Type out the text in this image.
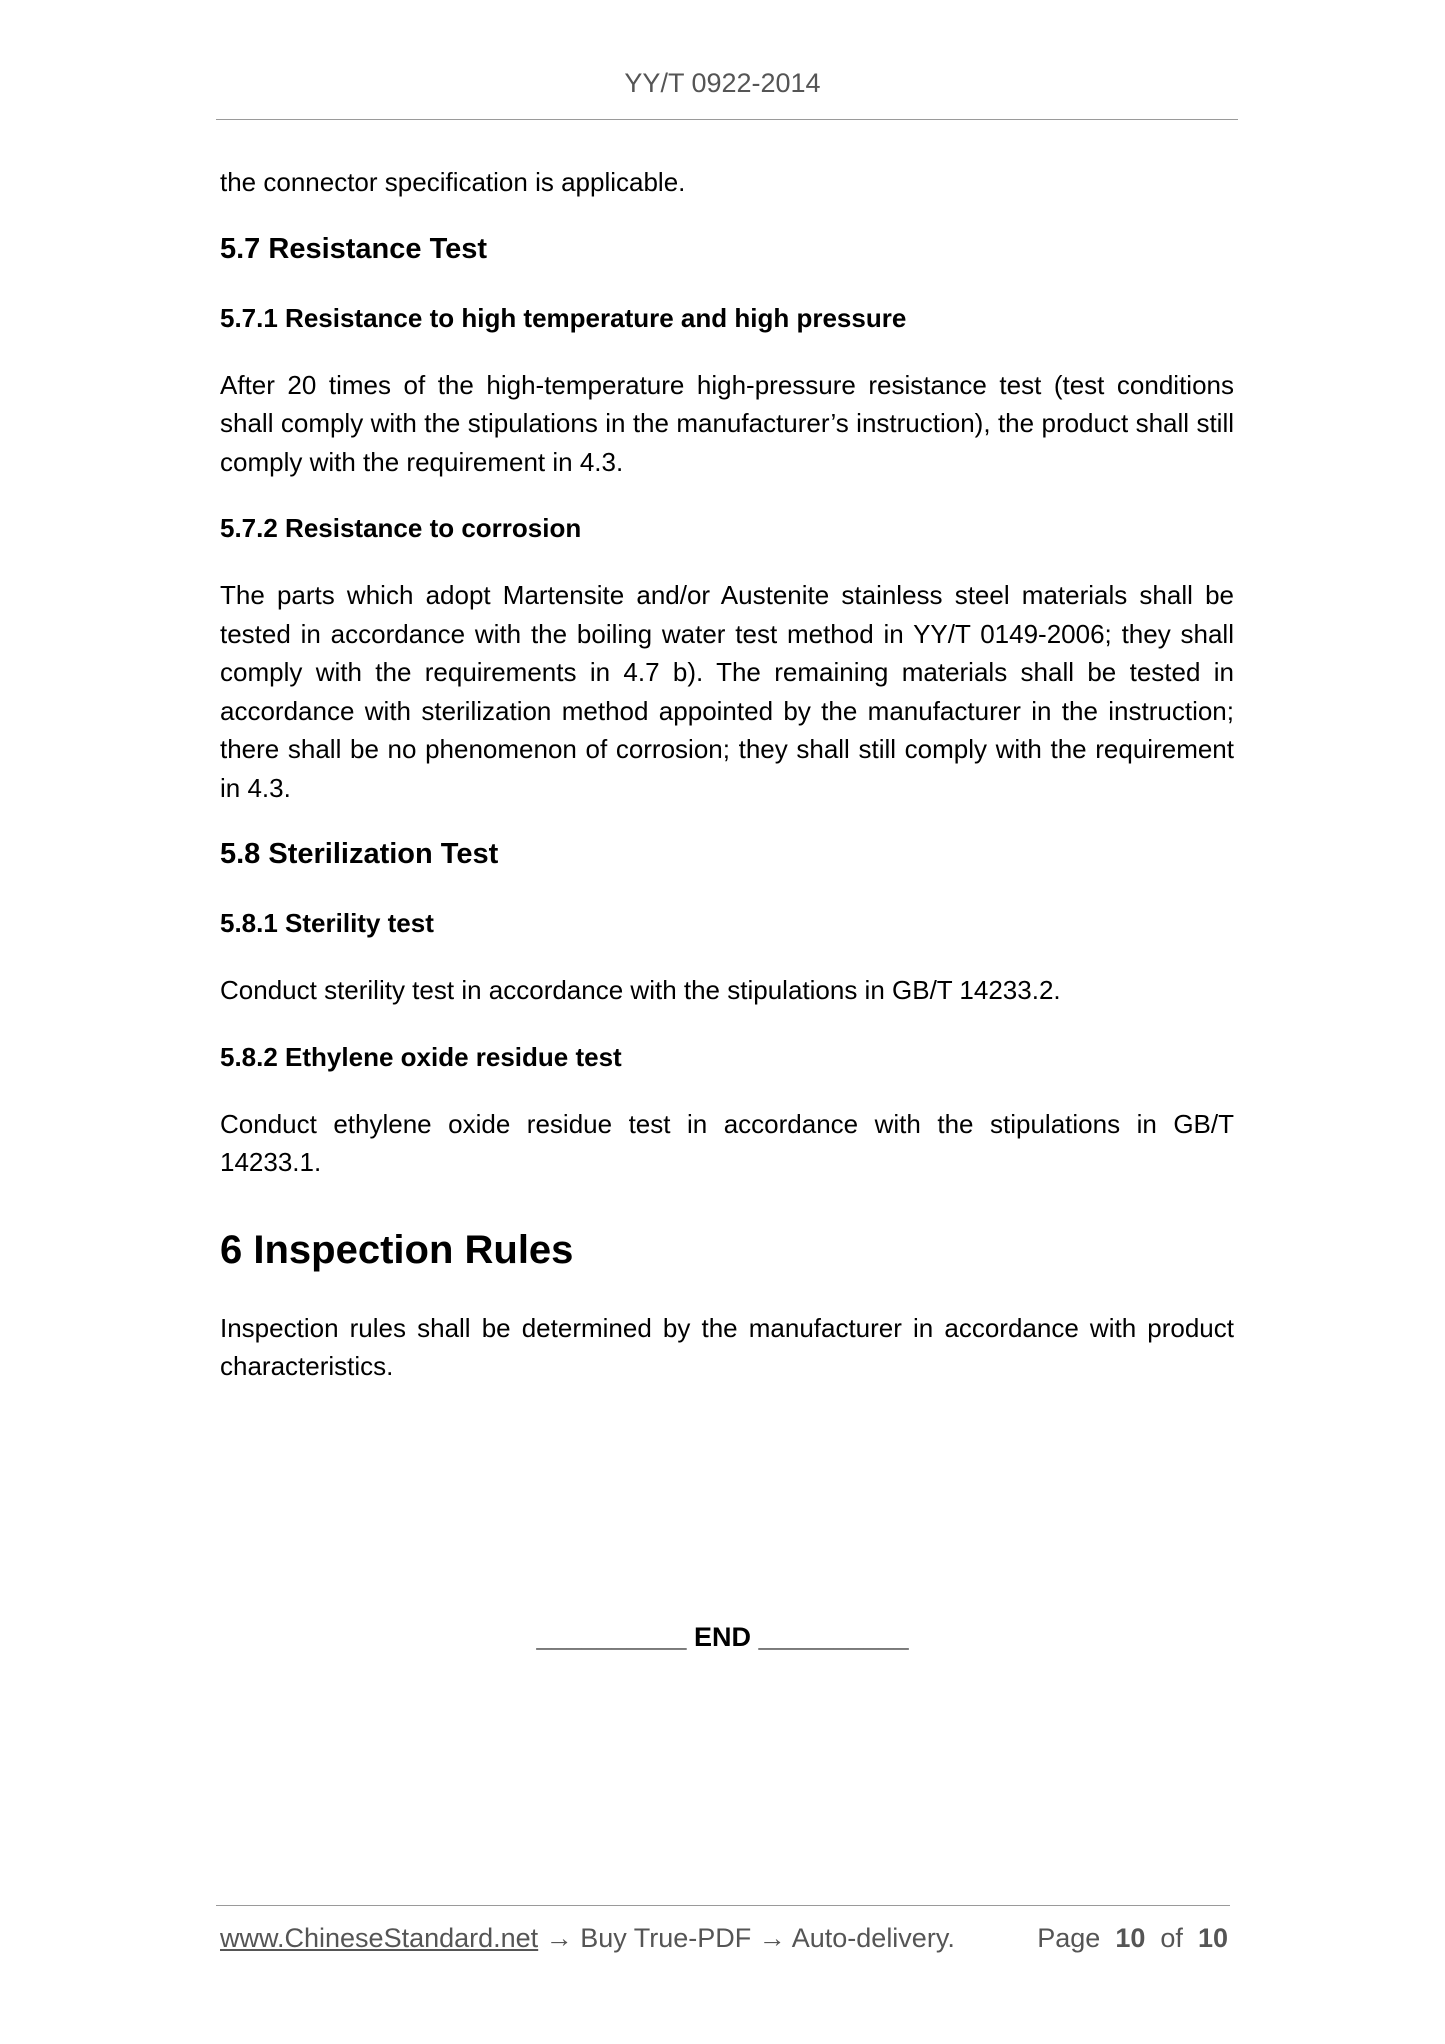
YY/T 0922-2014

the connector specification is applicable.

5.7 Resistance Test
5.7.1 Resistance to high temperature and high pressure

After 20 times of the high-temperature high-pressure resistance test (test conditions shall comply with the stipulations in the manufacturer’s instruction), the product shall still comply with the requirement in 4.3.

5.7.2 Resistance to corrosion

The parts which adopt Martensite and/or Austenite stainless steel materials shall be tested in accordance with the boiling water test method in YY/T 0149-2006; they shall comply with the requirements in 4.7 b). The remaining materials shall be tested in accordance with sterilization method appointed by the manufacturer in the instruction; there shall be no phenomenon of corrosion; they shall still comply with the requirement in 4.3.

5.8 Sterilization Test
5.8.1 Sterility test

Conduct sterility test in accordance with the stipulations in GB/T 14233.2.

5.8.2 Ethylene oxide residue test

Conduct ethylene oxide residue test in accordance with the stipulations in GB/T 14233.1.

6 Inspection Rules

Inspection rules shall be determined by the manufacturer in accordance with product characteristics.

__________ END __________
www.ChineseStandard.net → Buy True-PDF → Auto-delivery.	Page 10 of 10
